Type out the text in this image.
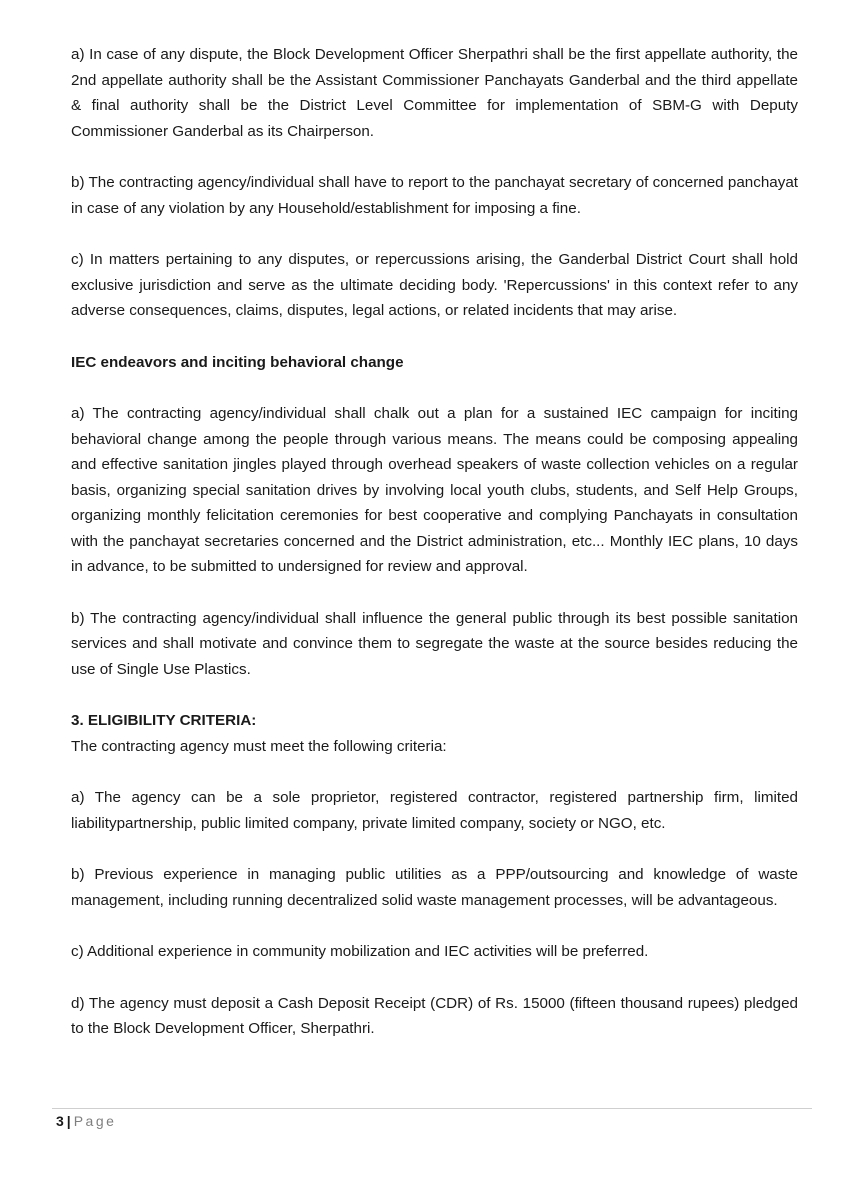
a) In case of any dispute, the Block Development Officer Sherpathri shall be the first appellate authority, the 2nd appellate authority shall be the Assistant Commissioner Panchayats Ganderbal and the third appellate & final authority shall be the District Level Committee for implementation of SBM-G with Deputy Commissioner Ganderbal as its Chairperson.

b) The contracting agency/individual shall have to report to the panchayat secretary of concerned panchayat in case of any violation by any Household/establishment for imposing a fine.

c) In matters pertaining to any disputes, or repercussions arising, the Ganderbal District Court shall hold exclusive jurisdiction and serve as the ultimate deciding body. 'Repercussions' in this context refer to any adverse consequences, claims, disputes, legal actions, or related incidents that may arise.

IEC endeavors and inciting behavioral change

a) The contracting agency/individual shall chalk out a plan for a sustained IEC campaign for inciting behavioral change among the people through various means. The means could be composing appealing and effective sanitation jingles played through overhead speakers of waste collection vehicles on a regular basis, organizing special sanitation drives by involving local youth clubs, students, and Self Help Groups, organizing monthly felicitation ceremonies for best cooperative and complying Panchayats in consultation with the panchayat secretaries concerned and the District administration, etc... Monthly IEC plans, 10 days in advance, to be submitted to undersigned for review and approval.

b) The contracting agency/individual shall influence the general public through its best possible sanitation services and shall motivate and convince them to segregate the waste at the source besides reducing the use of Single Use Plastics.

3. ELIGIBILITY CRITERIA:

The contracting agency must meet the following criteria:

a) The agency can be a sole proprietor, registered contractor, registered partnership firm, limited liabilitypartnership, public limited company, private limited company, society or NGO, etc.

b) Previous experience in managing public utilities as a PPP/outsourcing and knowledge of waste management, including running decentralized solid waste management processes, will be advantageous.

c) Additional experience in community mobilization and IEC activities will be preferred.

d) The agency must deposit a Cash Deposit Receipt (CDR) of Rs. 15000 (fifteen thousand rupees) pledged to the Block Development Officer, Sherpathri.

3 | Page
